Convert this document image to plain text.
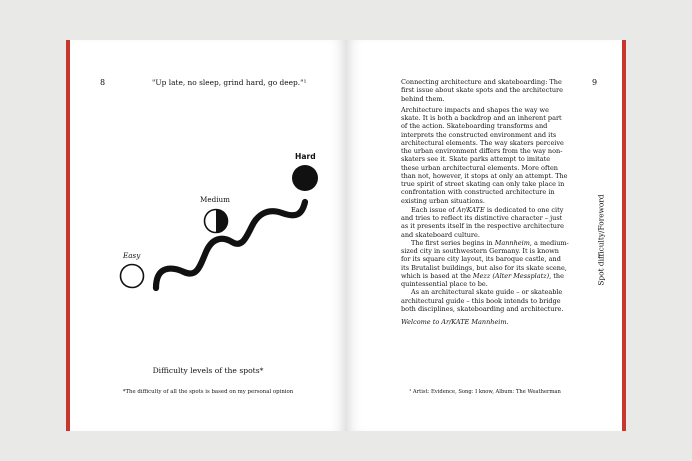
8	"Up late, no sleep, grind hard, go deep."¹
Easy
Medium
Hard
Difficulty levels of the spots*
*The difficulty of all the spots is based on my personal opinion

Connecting architecture and skateboarding: The first issue about skate spots and the architecture behind them.

Architecture impacts and shapes the way we skate. It is both a backdrop and an inherent part of the action. Skateboarding transforms and interprets the constructed environment and its architectural elements. The way skaters perceive the urban environment differs from the way non-skaters see it. Skate parks attempt to imitate these urban architectural elements. More often than not, however, it stops at only an attempt. The true spirit of street skating can only take place in confrontation with constructed architecture in existing urban situations.

Each issue of Ar/KATE is dedicated to one city and tries to reflect its distinctive character – just as it presents itself in the respective architecture and skateboard culture.

The first series begins in Mannheim, a medium-sized city in southwestern Germany. It is known for its square city layout, its baroque castle, and its Brutalist buildings, but also for its skate scene, which is based at the Mezz (Alter Messplatz), the quintessential place to be.

As an architectural skate guide – or skateable architectural guide – this book intends to bridge both disciplines, skateboarding and architecture.

Welcome to Ar/KATE Mannheim.

9
Spot difficulty/Foreword
¹ Artist: Evidence, Song: I know, Album: The Weatherman
